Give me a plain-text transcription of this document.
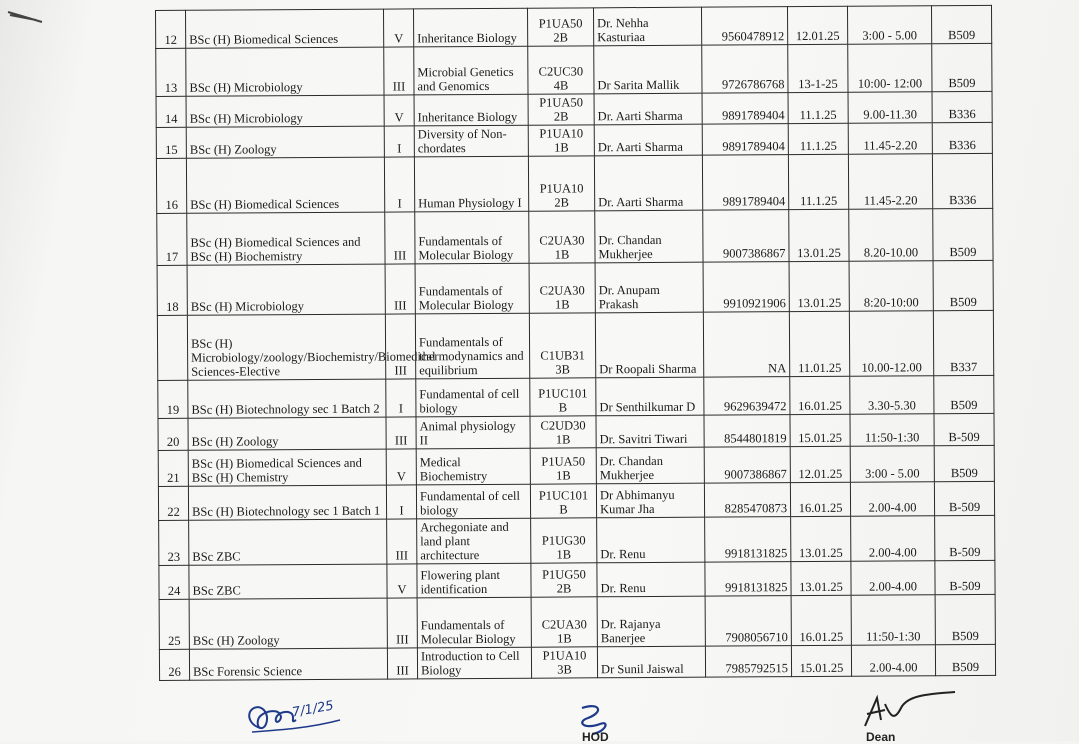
12	BSc (H) Biomedical Sciences	V	Inheritance Biology	P1UA50 2B	Dr. Nehha Kasturiaa	9560478912	12.01.25	3:00 - 5.00	B509
13	BSc (H) Microbiology	III	Microbial Genetics and Genomics	C2UC30 4B	Dr Sarita Mallik	9726786768	13-1-25	10:00- 12:00	B509
14	BSc (H) Microbiology	V	Inheritance Biology	P1UA50 2B	Dr. Aarti Sharma	9891789404	11.1.25	9.00-11.30	B336
15	BSc (H) Zoology	I	Diversity of Non-chordates	P1UA10 1B	Dr. Aarti Sharma	9891789404	11.1.25	11.45-2.20	B336
16	BSc (H) Biomedical Sciences	I	Human Physiology I	P1UA10 2B	Dr. Aarti Sharma	9891789404	11.1.25	11.45-2.20	B336
17	BSc (H) Biomedical Sciences and BSc (H) Biochemistry	III	Fundamentals of Molecular Biology	C2UA30 1B	Dr. Chandan Mukherjee	9007386867	13.01.25	8.20-10.00	B509
18	BSc (H) Microbiology	III	Fundamentals of Molecular Biology	C2UA30 1B	Dr. Anupam Prakash	9910921906	13.01.25	8:20-10:00	B509
	BSc (H) Microbiology/zoology/Biochemistry/Biomedical Sciences-Elective	III	Fundamentals of thermodynamics and equilibrium	C1UB31 3B	Dr Roopali Sharma	NA	11.01.25	10.00-12.00	B337
19	BSc (H) Biotechnology sec 1 Batch 2	I	Fundamental of cell biology	P1UC101 B	Dr Senthilkumar D	9629639472	16.01.25	3.30-5.30	B509
20	BSc (H) Zoology	III	Animal physiology II	C2UD30 1B	Dr. Savitri Tiwari	8544801819	15.01.25	11:50-1:30	B-509
21	BSc (H) Biomedical Sciences and BSc (H) Chemistry	V	Medical Biochemistry	P1UA50 1B	Dr. Chandan Mukherjee	9007386867	12.01.25	3:00 - 5.00	B509
22	BSc (H) Biotechnology sec 1 Batch 1	I	Fundamental of cell biology	P1UC101 B	Dr Abhimanyu Kumar Jha	8285470873	16.01.25	2.00-4.00	B-509
23	BSc ZBC	III	Archegoniate and land plant architecture	P1UG30 1B	Dr. Renu	9918131825	13.01.25	2.00-4.00	B-509
24	BSc ZBC	V	Flowering plant identification	P1UG50 2B	Dr. Renu	9918131825	13.01.25	2.00-4.00	B-509
25	BSc (H) Zoology	III	Fundamentals of Molecular Biology	C2UA30 1B	Dr. Rajanya Banerjee	7908056710	16.01.25	11:50-1:30	B509
26	BSc Forensic Science	III	Introduction to Cell Biology	P1UA10 3B	Dr Sunil Jaiswal	7985792515	15.01.25	2.00-4.00	B509
7/1/25
HOD	Dean
